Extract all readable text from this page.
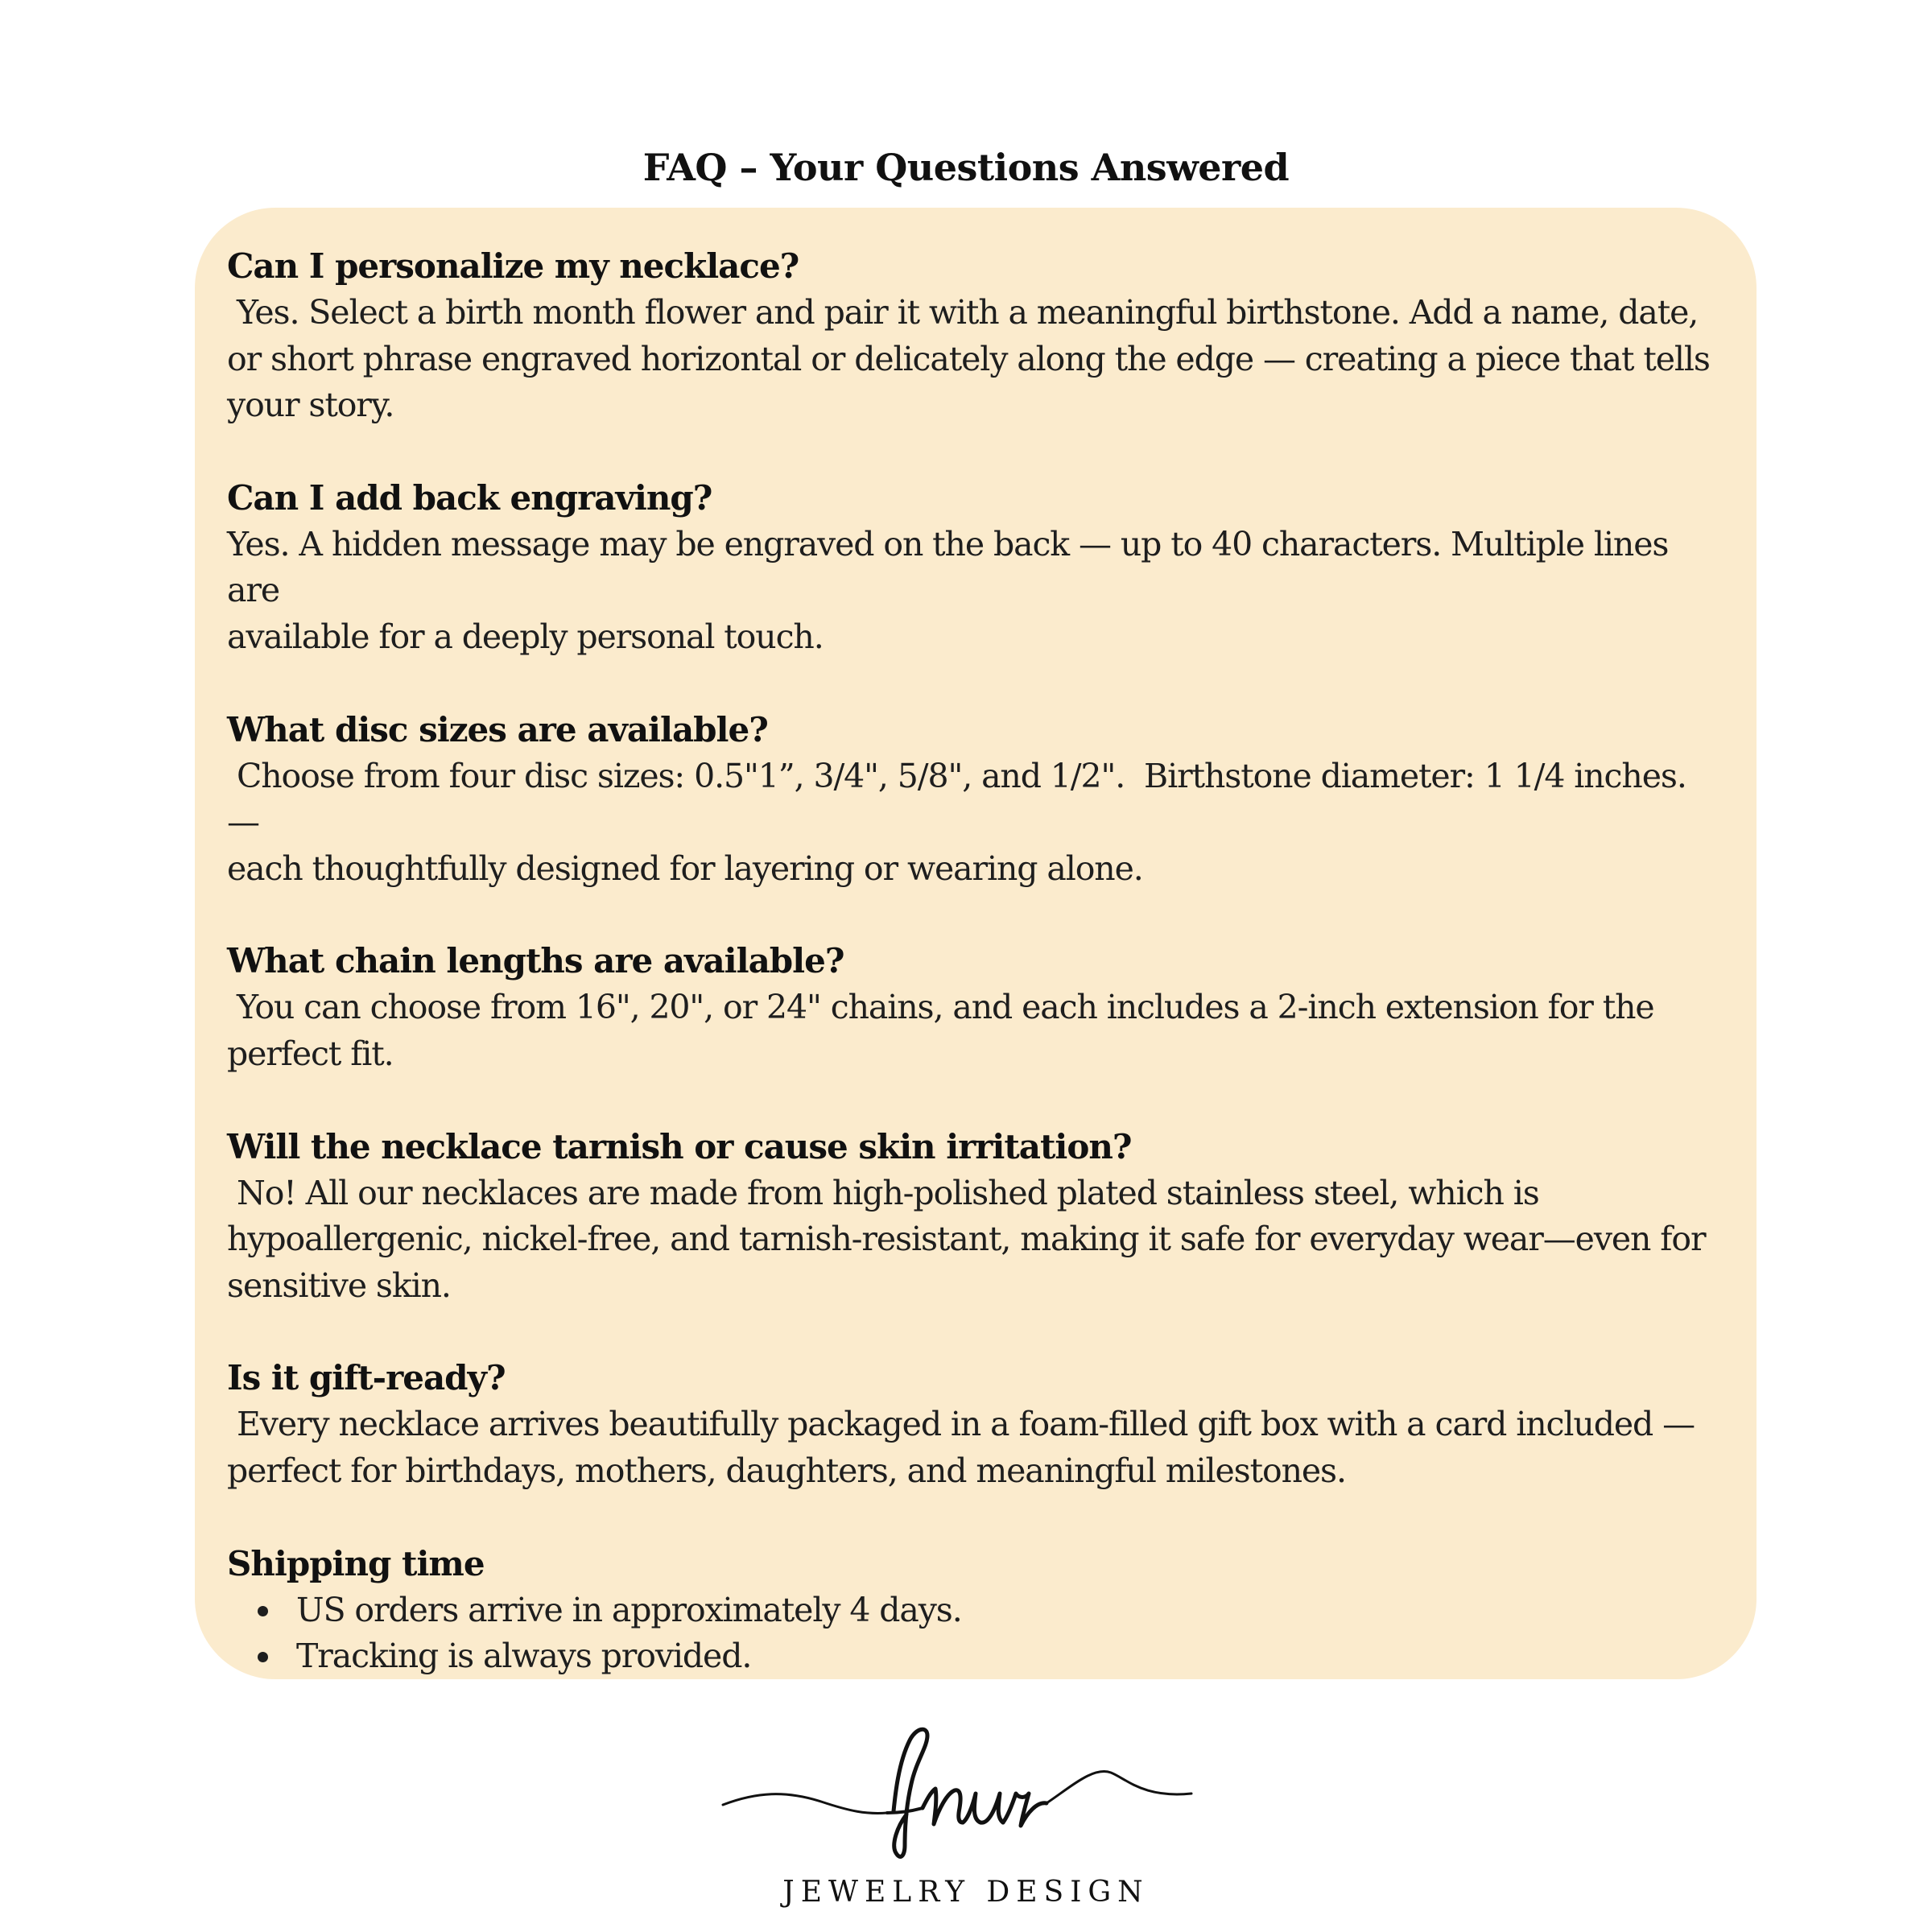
FAQ – Your Questions Answered

Can I personalize my necklace?

Yes. Select a birth month flower and pair it with a meaningful birthstone. Add a name, date,
or short phrase engraved horizontal or delicately along the edge — creating a piece that tells
your story.

Can I add back engraving?

Yes. A hidden message may be engraved on the back — up to 40 characters. Multiple lines are
available for a deeply personal touch.

What disc sizes are available?

Choose from four disc sizes: 0.5"1”, 3/4", 5/8", and 1/2".  Birthstone diameter: 1 1/4 inches. —
each thoughtfully designed for layering or wearing alone.

What chain lengths are available?

You can choose from 16", 20", or 24" chains, and each includes a 2-inch extension for the
perfect fit.

Will the necklace tarnish or cause skin irritation?

No! All our necklaces are made from high-polished plated stainless steel, which is
hypoallergenic, nickel-free, and tarnish-resistant, making it safe for everyday wear—even for
sensitive skin.

Is it gift-ready?

Every necklace arrives beautifully packaged in a foam-filled gift box with a card included —
perfect for birthdays, mothers, daughters, and meaningful milestones.

Shipping time

US orders arrive in approximately 4 days.
Tracking is always provided.
JEWELRY DESIGN
